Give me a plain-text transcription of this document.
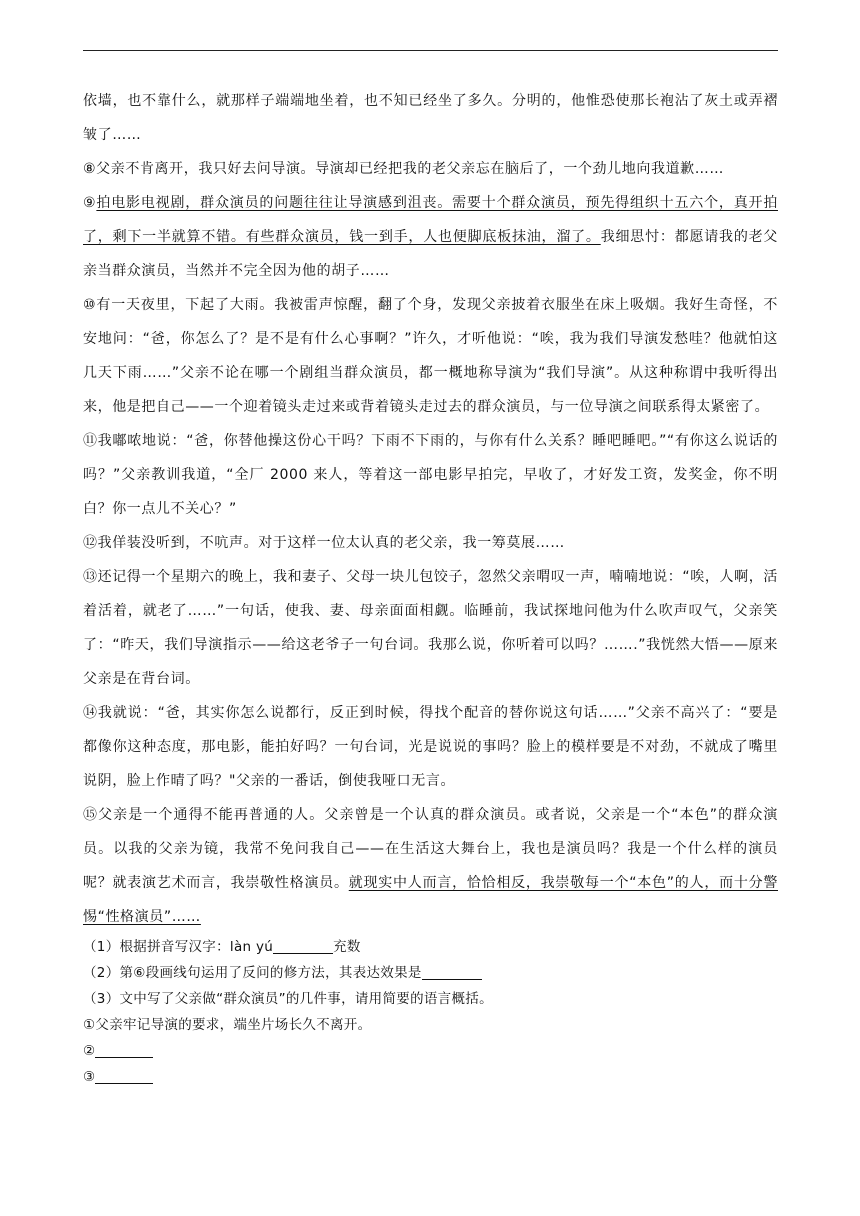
依墙，也不靠什么，就那样子端端地坐着，也不知已经坐了多久。分明的，他惟恐使那长袍沾了灰土或弄褶皱了……

⑧父亲不肯离开，我只好去问导演。导演却已经把我的老父亲忘在脑后了，一个劲儿地向我道歉……

⑨拍电影电视剧，群众演员的问题往往让导演感到沮丧。需要十个群众演员，预先得组织十五六个，真开拍了，剩下一半就算不错。有些群众演员，钱一到手，人也便脚底板抹油，溜了。我细思忖：都愿请我的老父亲当群众演员，当然并不完全因为他的胡子……

⑩有一天夜里，下起了大雨。我被雷声惊醒，翻了个身，发现父亲披着衣服坐在床上吸烟。我好生奇怪，不安地问：“爸，你怎么了？是不是有什么心事啊？”许久，才听他说：“唉，我为我们导演发愁哇？他就怕这几天下雨……”父亲不论在哪一个剧组当群众演员，都一概地称导演为“我们导演”。从这种称谓中我听得出来，他是把自己——一个迎着镜头走过来或背着镜头走过去的群众演员，与一位导演之间联系得太紧密了。

⑪我嘟哝地说：“爸，你替他操这份心干吗？下雨不下雨的，与你有什么关系？睡吧睡吧。”“有你这么说话的吗？”父亲教训我道，“全厂 2000 来人，等着这一部电影早拍完，早收了，才好发工资，发奖金，你不明白？你一点儿不关心？”

⑫我佯装没听到，不吭声。对于这样一位太认真的老父亲，我一筹莫展……

⑬还记得一个星期六的晚上，我和妻子、父母一块儿包饺子，忽然父亲喟叹一声，喃喃地说：“唉，人啊，活着活着，就老了……”一句话，使我、妻、母亲面面相觑。临睡前，我试探地问他为什么吹声叹气，父亲笑了：“昨天，我们导演指示——给这老爷子一句台词。我那么说，你听着可以吗？…….”我恍然大悟——原来父亲是在背台词。

⑭我就说：“爸，其实你怎么说都行，反正到时候，得找个配音的替你说这句话……”父亲不高兴了：“要是都像你这种态度，那电影，能拍好吗？一句台词，光是说说的事吗？脸上的模样要是不对劲，不就成了嘴里说阴，脸上作晴了吗？"父亲的一番话，倒使我哑口无言。

⑮父亲是一个通得不能再普通的人。父亲曾是一个认真的群众演员。或者说，父亲是一个“本色”的群众演员。以我的父亲为镜，我常不免问我自己——在生活这大舞台上，我也是演员吗？我是一个什么样的演员呢？就表演艺术而言，我崇敬性格演员。就现实中人而言，恰恰相反，我崇敬每一个“本色”的人，而十分警惕“性格演员”……

（1）根据拼音写汉字：làn yú	充数

（2）第⑥段画线句运用了反问的修方法，其表达效果是

（3）文中写了父亲做“群众演员”的几件事，请用简要的语言概括。

①父亲牢记导演的要求，端坐片场长久不离开。

②

③
